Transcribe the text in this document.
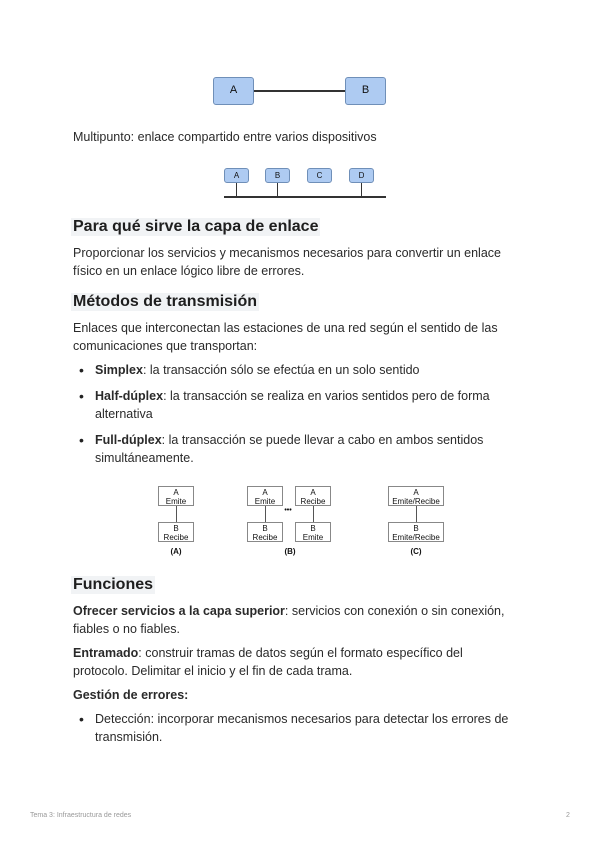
A	B
Multipunto: enlace compartido entre varios dispositivos
A	B	C	D
Para qué sirve la capa de enlace
Proporcionar los servicios y mecanismos necesarios para convertir un enlace
físico en un enlace lógico libre de errores.
Métodos de transmisión
Enlaces que interconectan las estaciones de una red según el sentido de las
comunicaciones que transportan:
• Simplex: la transacción sólo se efectúa en un solo sentido
• Half-dúplex: la transacción se realiza en varios sentidos pero de forma alternativa
• Full-dúplex: la transacción se puede llevar a cabo en ambos sentidos simultáneamente.
A
Emite
B
Recibe
(A)
A
Emite
B
Recibe
•••
A
Recibe
B
Emite
(B)
A
Emite/Recibe
B
Emite/Recibe
(C)
Funciones
Ofrecer servicios a la capa superior: servicios con conexión o sin conexión, fiables o no fiables.
Entramado: construir tramas de datos según el formato específico del protocolo. Delimitar el inicio y el fin de cada trama.
Gestión de errores:
• Detección: incorporar mecanismos necesarios para detectar los errores de transmisión.
Tema 3: Infraestructura de redes	2
